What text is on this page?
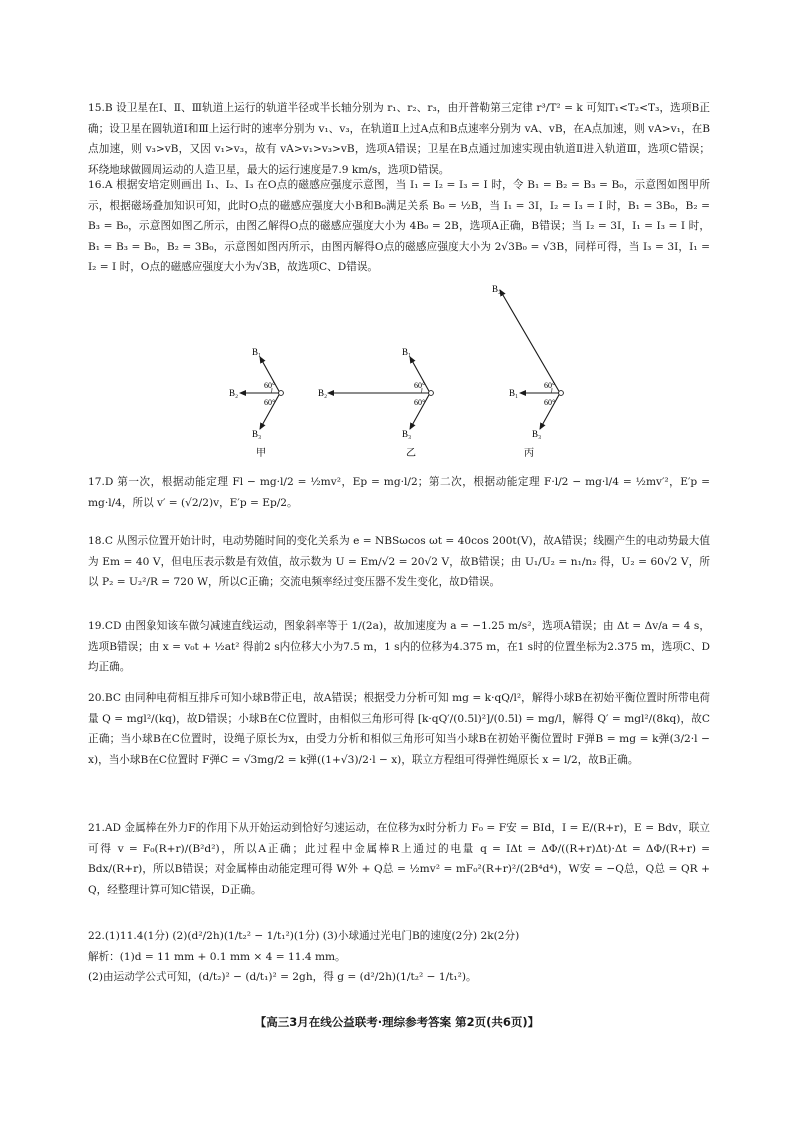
15.B 设卫星在Ⅰ、Ⅱ、Ⅲ轨道上运行的轨道半径或半长轴分别为 r₁、r₂、r₃，由开普勒第三定律 r³/T² = k 可知T₁<T₂<T₃，选项B正确；设卫星在圆轨道Ⅰ和Ⅲ上运行时的速率分别为 v₁、v₃，在轨道Ⅱ上过A点和B点速率分别为 vA、vB，在A点加速，则 vA>v₁，在B点加速，则 v₃>vB，又因 v₁>v₃，故有 vA>v₁>v₃>vB，选项A错误；卫星在B点通过加速实现由轨道Ⅱ进入轨道Ⅲ，选项C错误；环绕地球做圆周运动的人造卫星，最大的运行速度是7.9 km/s，选项D错误。

16.A 根据安培定则画出 I₁、I₂、I₃ 在O点的磁感应强度示意图，当 I₁ = I₂ = I₃ = I 时，令 B₁ = B₂ = B₃ = B₀，示意图如图甲所示，根据磁场叠加知识可知，此时O点的磁感应强度大小B和B₀满足关系 B₀ = ½B，当 I₁ = 3I，I₂ = I₃ = I 时，B₁ = 3B₀，B₂ = B₃ = B₀，示意图如图乙所示，由图乙解得O点的磁感应强度大小为 4B₀ = 2B，选项A正确，B错误；当 I₂ = 3I，I₁ = I₃ = I 时，B₁ = B₃ = B₀，B₂ = 3B₀，示意图如图丙所示，由图丙解得O点的磁感应强度大小为 2√3B₀ = √3B，同样可得，当 I₃ = 3I，I₁ = I₂ = I 时，O点的磁感应强度大小为√3B，故选项C、D错误。

B₁
B₂
B₃
60°
60°
甲
B₁
B₂
B₃
60°
60°
乙
B₂
B₁
B₃
60°
60°
丙

17.D 第一次，根据动能定理 Fl − mg·l/2 = ½mv²，Ep = mg·l/2；第二次，根据动能定理 F·l/2 − mg·l/4 = ½mv′²，E′p = mg·l/4，所以 v′ = (√2/2)v，E′p = Ep/2。

18.C 从图示位置开始计时，电动势随时间的变化关系为 e = NBSωcos ωt = 40cos 200t(V)，故A错误；线圈产生的电动势最大值为 Em = 40 V，但电压表示数是有效值，故示数为 U = Em/√2 = 20√2 V，故B错误；由 U₁/U₂ = n₁/n₂ 得，U₂ = 60√2 V，所以 P₂ = U₂²/R = 720 W，所以C正确；交流电频率经过变压器不发生变化，故D错误。

19.CD 由图象知该车做匀减速直线运动，图象斜率等于 1/(2a)，故加速度为 a = −1.25 m/s²，选项A错误；由 Δt = Δv/a = 4 s，选项B错误；由 x = v₀t + ½at² 得前2 s内位移大小为7.5 m，1 s内的位移为4.375 m，在1 s时的位置坐标为2.375 m，选项C、D均正确。

20.BC 由同种电荷相互排斥可知小球B带正电，故A错误；根据受力分析可知 mg = k·qQ/l²，解得小球B在初始平衡位置时所带电荷量 Q = mgl²/(kq)，故D错误；小球B在C位置时，由相似三角形可得 [k·qQ′/(0.5l)²]/(0.5l) = mg/l，解得 Q′ = mgl²/(8kq)，故C正确；当小球B在C位置时，设绳子原长为x，由受力分析和相似三角形可知当小球B在初始平衡位置时 F弹B = mg = k弹(3/2·l − x)，当小球B在C位置时 F弹C = √3mg/2 = k弹((1+√3)/2·l − x)，联立方程组可得弹性绳原长 x = l/2，故B正确。

21.AD 金属棒在外力F的作用下从开始运动到恰好匀速运动，在位移为x时分析力 F₀ = F安 = BId，I = E/(R+r)，E = Bdv，联立可得 v = F₀(R+r)/(B²d²)，所以A正确；此过程中金属棒R上通过的电量 q = IΔt = ΔΦ/((R+r)Δt)·Δt = ΔΦ/(R+r) = Bdx/(R+r)，所以B错误；对金属棒由动能定理可得 W外 + Q总 = ½mv² = mF₀²(R+r)²/(2B⁴d⁴)，W安 = −Q总，Q总 = QR + Q，经整理计算可知C错误，D正确。

22.(1)11.4(1分) (2)(d²/2h)(1/t₂² − 1/t₁²)(1分) (3)小球通过光电门B的速度(2分) 2k(2分)

解析：(1)d = 11 mm + 0.1 mm × 4 = 11.4 mm。

(2)由运动学公式可知，(d/t₂)² − (d/t₁)² = 2gh，得 g = (d²/2h)(1/t₂² − 1/t₁²)。

【高三3月在线公益联考·理综参考答案 第2页(共6页)】
